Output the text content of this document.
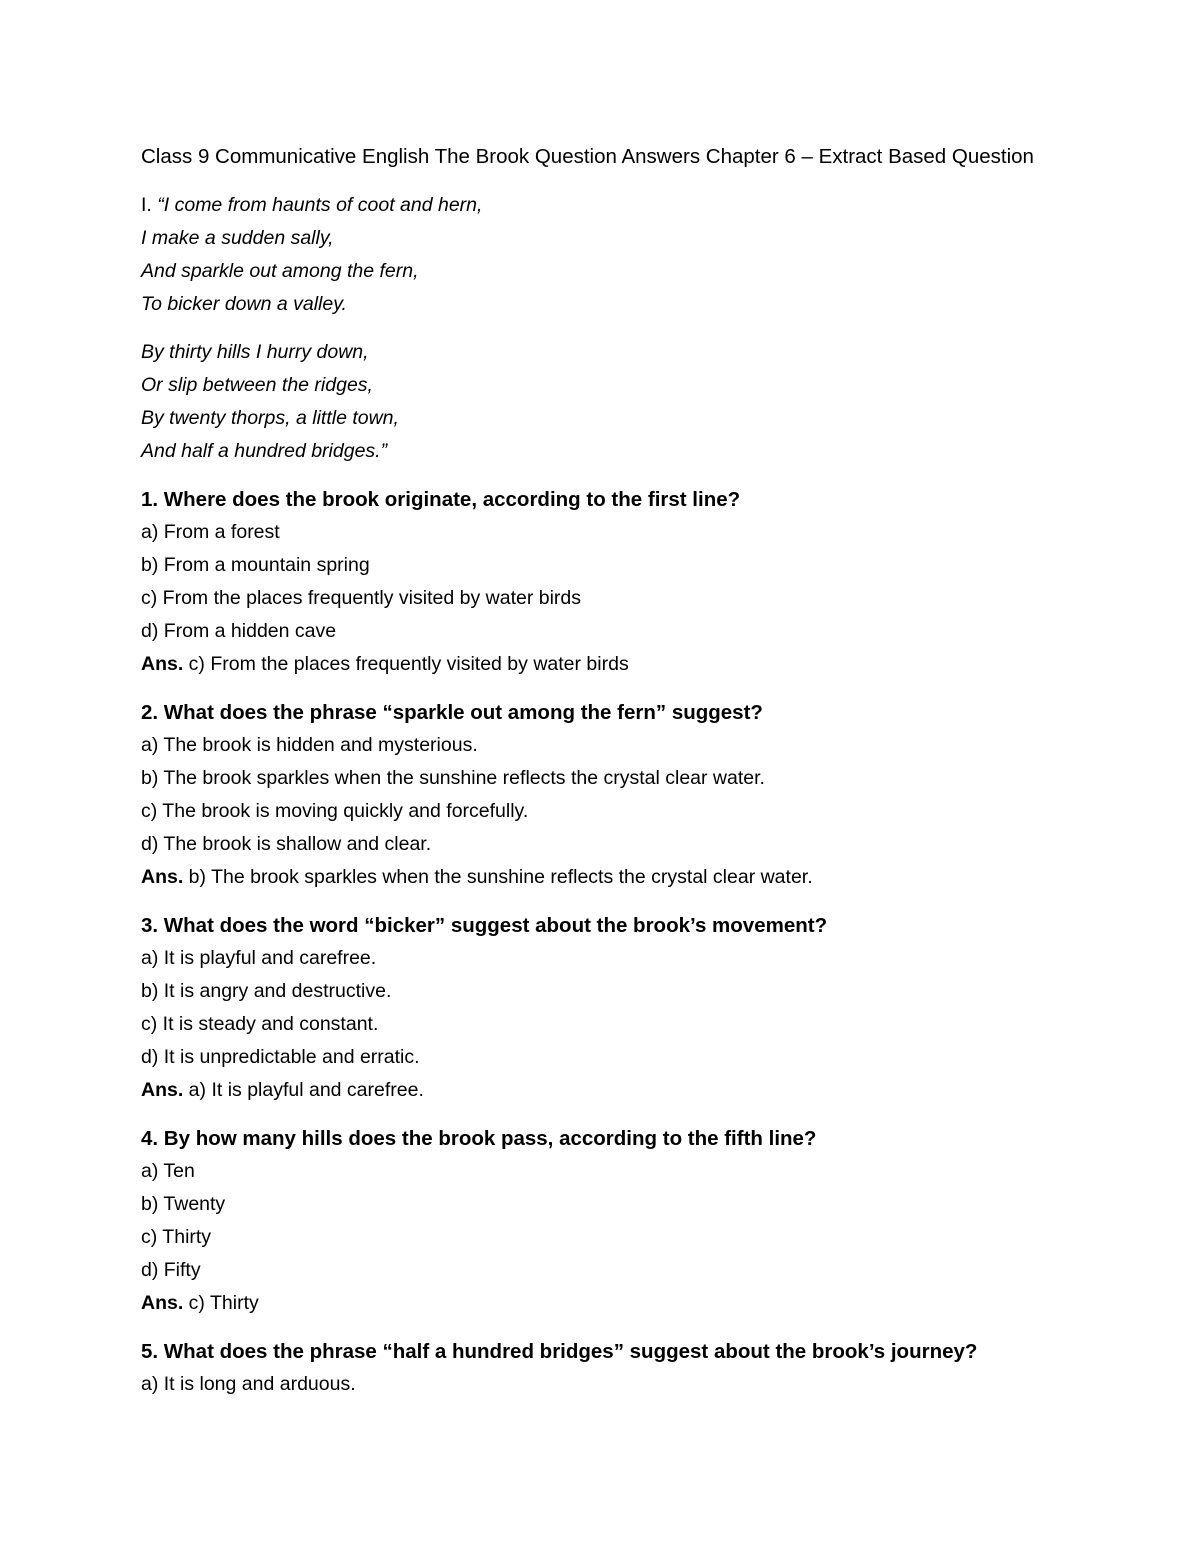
Class 9 Communicative English The Brook Question Answers Chapter 6 – Extract Based Question
I. “I come from haunts of coot and hern,
I make a sudden sally,
And sparkle out among the fern,
To bicker down a valley.
By thirty hills I hurry down,
Or slip between the ridges,
By twenty thorps, a little town,
And half a hundred bridges.”
1. Where does the brook originate, according to the first line?
a) From a forest
b) From a mountain spring
c) From the places frequently visited by water birds
d) From a hidden cave
Ans. c) From the places frequently visited by water birds
2. What does the phrase “sparkle out among the fern” suggest?
a) The brook is hidden and mysterious.
b) The brook sparkles when the sunshine reflects the crystal clear water.
c) The brook is moving quickly and forcefully.
d) The brook is shallow and clear.
Ans. b) The brook sparkles when the sunshine reflects the crystal clear water.
3. What does the word “bicker” suggest about the brook’s movement?
a) It is playful and carefree.
b) It is angry and destructive.
c) It is steady and constant.
d) It is unpredictable and erratic.
Ans. a) It is playful and carefree.
4. By how many hills does the brook pass, according to the fifth line?
a) Ten
b) Twenty
c) Thirty
d) Fifty
Ans. c) Thirty
5. What does the phrase “half a hundred bridges” suggest about the brook’s journey?
a) It is long and arduous.
